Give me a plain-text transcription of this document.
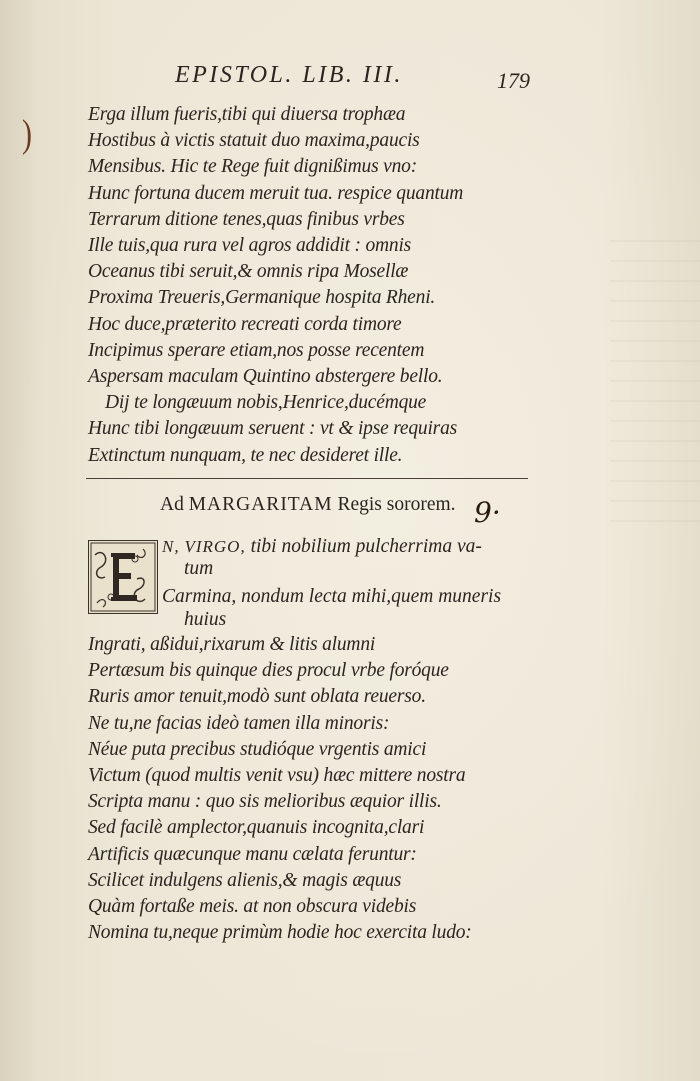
EPISTOL. LIB. III.	179
)	Erga illum fueris,tibi qui diuersa trophæa
Hostibus à victis statuit duo maxima,paucis
Mensibus. Hic te Rege fuit dignißimus vno:
Hunc fortuna ducem meruit tua. respice quantum
Terrarum ditione tenes,quas finibus vrbes
Ille tuis,qua rura vel agros addidit : omnis
Oceanus tibi seruit,& omnis ripa Mosellæ
Proxima Treueris,Germanique hospita Rheni.
Hoc duce,præterito recreati corda timore
Incipimus sperare etiam,nos posse recentem
Aspersam maculam Quintino abstergere bello.
Dij te longæuum nobis,Henrice,ducémque
Hunc tibi longæuum seruent : vt & ipse requiras
Extinctum nunquam, te nec desideret ille.
Ad MARGARITAM Regis sororem. 9·
N, VIRGO, tibi nobilium pulcherrima va-
tum
Carmina, nondum lecta mihi,quem muneris
huius
Ingrati, aßidui,rixarum & litis alumni
Pertæsum bis quinque dies procul vrbe foróque
Ruris amor tenuit,modò sunt oblata reuerso.
Ne tu,ne facias ideò tamen illa minoris:
Néue puta precibus studióque vrgentis amici
Victum (quod multis venit vsu) hæc mittere nostra
Scripta manu : quo sis melioribus æquior illis.
Sed facilè amplector,quanuis incognita,clari
Artificis quæcunque manu cælata feruntur:
Scilicet indulgens alienis,& magis æquus
Quàm fortaße meis. at non obscura videbis
Nomina tu,neque primùm hodie hoc exercita ludo:
